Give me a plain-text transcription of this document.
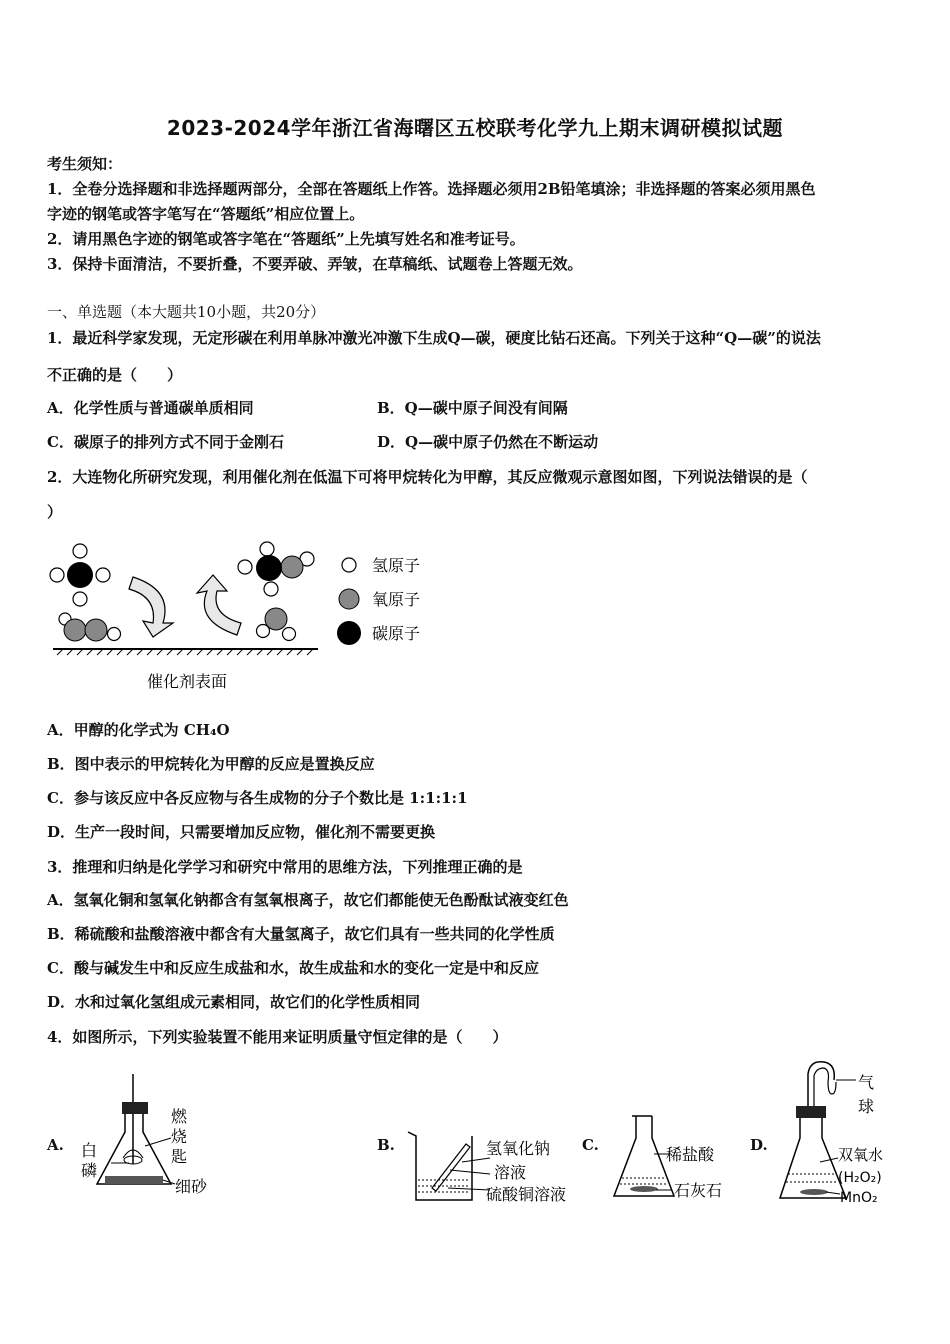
2023-2024学年浙江省海曙区五校联考化学九上期末调研模拟试题
考生须知：
1．全卷分选择题和非选择题两部分，全部在答题纸上作答。选择题必须用2B铅笔填涂；非选择题的答案必须用黑色
字迹的钢笔或答字笔写在“答题纸”相应位置上。
2．请用黑色字迹的钢笔或答字笔在“答题纸”上先填写姓名和准考证号。
3．保持卡面清洁，不要折叠，不要弄破、弄皱，在草稿纸、试题卷上答题无效。
一、单选题（本大题共10小题，共20分）
1．最近科学家发现，无定形碳在利用单脉冲激光冲激下生成Q—碳，硬度比钻石还高。下列关于这种“Q—碳”的说法
不正确的是（　　）
A．化学性质与普通碳单质相同	B．Q—碳中原子间没有间隔
C．碳原子的排列方式不同于金刚石	D．Q—碳中原子仍然在不断运动
2．大连物化所研究发现，利用催化剂在低温下可将甲烷转化为甲醇，其反应微观示意图如图，下列说法错误的是（
）
催化剂表面
氢原子
氧原子
碳原子
A．甲醇的化学式为 CH₄O
B．图中表示的甲烷转化为甲醇的反应是置换反应
C．参与该反应中各反应物与各生成物的分子个数比是 1:1:1:1
D．生产一段时间，只需要增加反应物，催化剂不需要更换
3．推理和归纳是化学学习和研究中常用的思维方法，下列推理正确的是
A．氢氧化铜和氢氧化钠都含有氢氧根离子，故它们都能使无色酚酞试液变红色
B．稀硫酸和盐酸溶液中都含有大量氢离子，故它们具有一些共同的化学性质
C．酸与碱发生中和反应生成盐和水，故生成盐和水的变化一定是中和反应
D．水和过氧化氢组成元素相同，故它们的化学性质相同
4．如图所示，下列实验装置不能用来证明质量守恒定律的是（　　）
A.
燃
烧
匙
白
磷
细砂
B.	氢氧化钠
溶液
硫酸铜溶液
C.	稀盐酸
石灰石
D.
气
球
双氧水
(H₂O₂)
MnO₂
